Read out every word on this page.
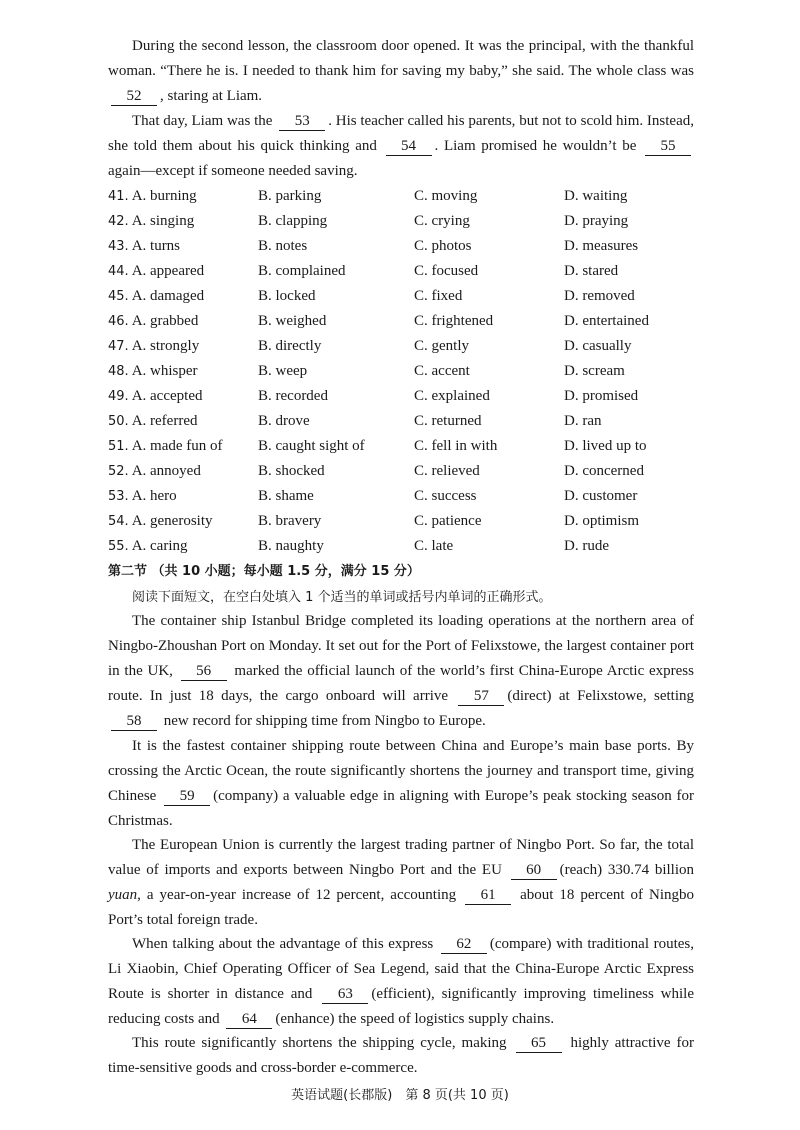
During the second lesson, the classroom door opened. It was the principal, with the thankful woman. “There he is. I needed to thank him for saving my baby,” she said. The whole class was 52 , staring at Liam.

That day, Liam was the 53 . His teacher called his parents, but not to scold him. Instead, she told them about his quick thinking and 54 . Liam promised he wouldn’t be 55 again—except if someone needed saving.

41. A. burning	B. parking	C. moving	D. waiting
42. A. singing	B. clapping	C. crying	D. praying
43. A. turns	B. notes	C. photos	D. measures
44. A. appeared	B. complained	C. focused	D. stared
45. A. damaged	B. locked	C. fixed	D. removed
46. A. grabbed	B. weighed	C. frightened	D. entertained
47. A. strongly	B. directly	C. gently	D. casually
48. A. whisper	B. weep	C. accent	D. scream
49. A. accepted	B. recorded	C. explained	D. promised
50. A. referred	B. drove	C. returned	D. ran
51. A. made fun of	B. caught sight of	C. fell in with	D. lived up to
52. A. annoyed	B. shocked	C. relieved	D. concerned
53. A. hero	B. shame	C. success	D. customer
54. A. generosity	B. bravery	C. patience	D. optimism
55. A. caring	B. naughty	C. late	D. rude
第二节 （共 10 小题；每小题 1.5 分，满分 15 分）
阅读下面短文，在空白处填入 1 个适当的单词或括号内单词的正确形式。

The container ship Istanbul Bridge completed its loading operations at the northern area of Ningbo-Zhoushan Port on Monday. It set out for the Port of Felixstowe, the largest container port in the UK, 56 marked the official launch of the world’s first China-Europe Arctic express route. In just 18 days, the cargo onboard will arrive 57 (direct) at Felixstowe, setting 58 new record for shipping time from Ningbo to Europe.

It is the fastest container shipping route between China and Europe’s main base ports. By crossing the Arctic Ocean, the route significantly shortens the journey and transport time, giving Chinese 59 (company) a valuable edge in aligning with Europe’s peak stocking season for Christmas.

The European Union is currently the largest trading partner of Ningbo Port. So far, the total value of imports and exports between Ningbo Port and the EU 60 (reach) 330.74 billion yuan, a year-on-year increase of 12 percent, accounting 61 about 18 percent of Ningbo Port’s total foreign trade.

When talking about the advantage of this express 62 (compare) with traditional routes, Li Xiaobin, Chief Operating Officer of Sea Legend, said that the China-Europe Arctic Express Route is shorter in distance and 63 (efficient), significantly improving timeliness while reducing costs and 64 (enhance) the speed of logistics supply chains.

This route significantly shortens the shipping cycle, making 65 highly attractive for time-sensitive goods and cross-border e-commerce.

英语试题(长郡版)　第 8 页(共 10 页)
